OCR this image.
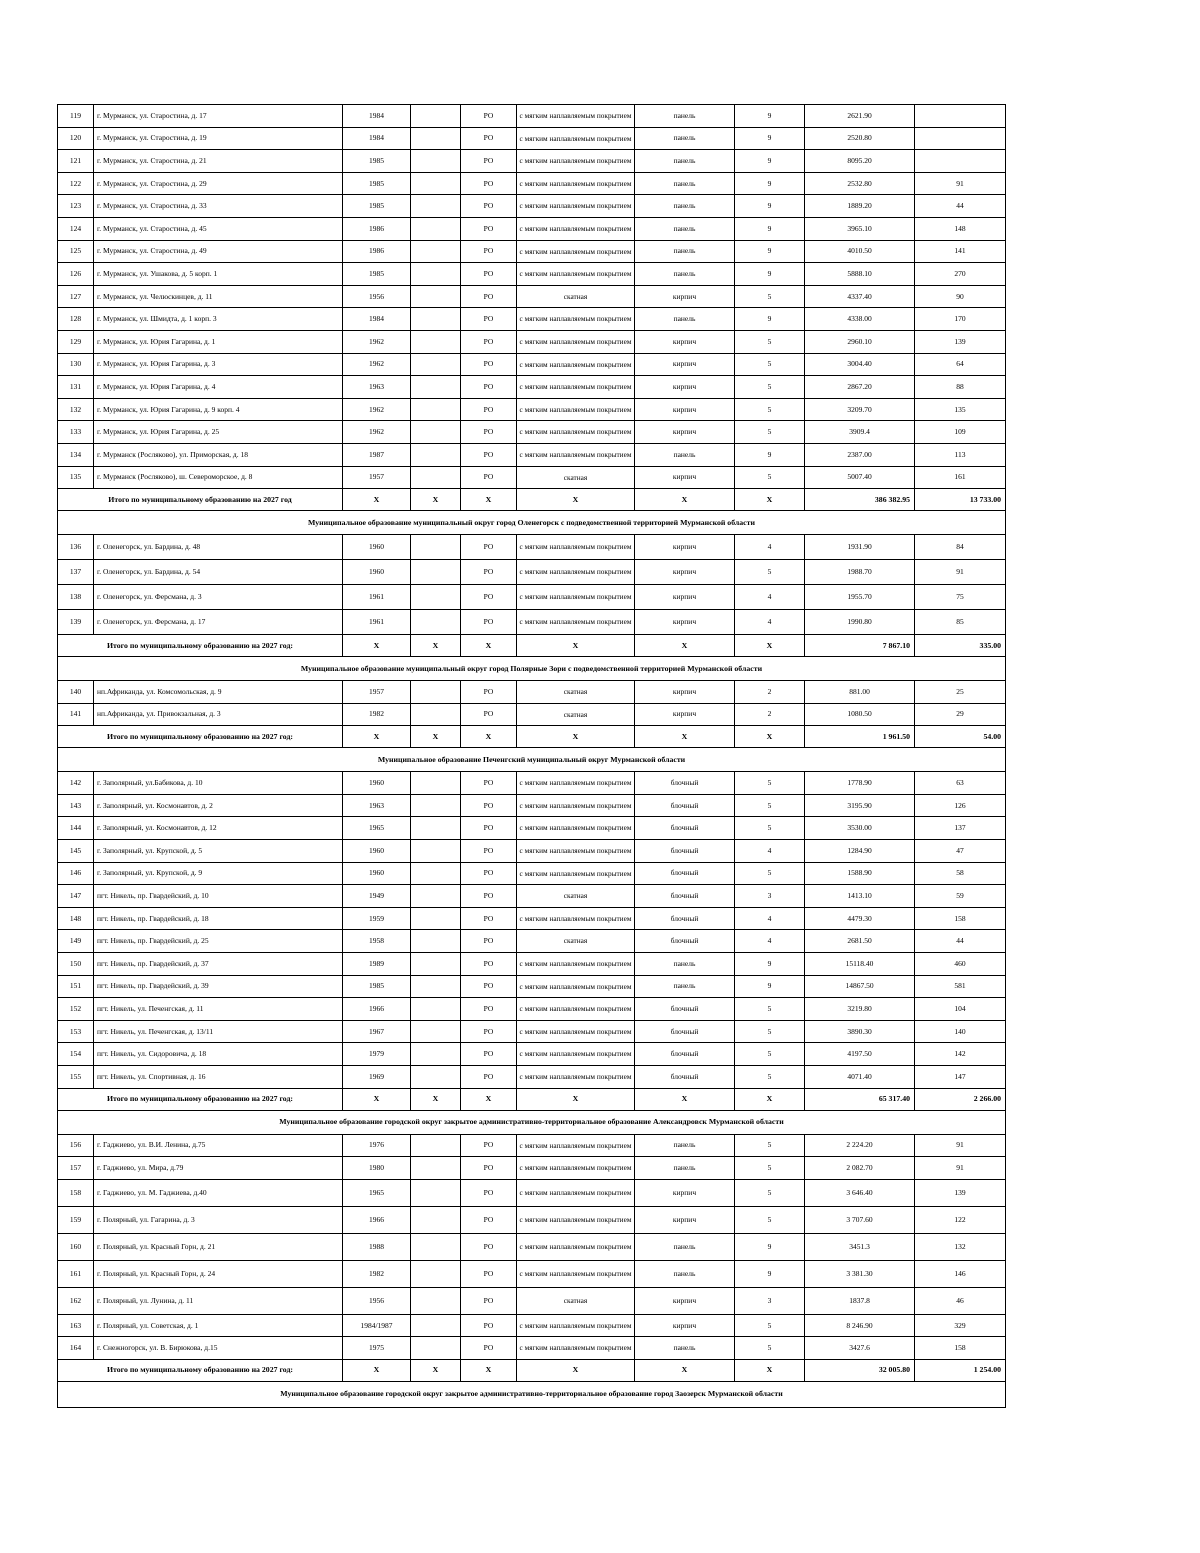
119	г. Мурманск, ул. Старостина, д. 17	1984		РО	с мягким наплавляемым покрытием	панель	9	2621.90	
120	г. Мурманск, ул. Старостина, д. 19	1984		РО	с мягким наплавляемым покрытием	панель	9	2520.80	
121	г. Мурманск, ул. Старостина, д. 21	1985		РО	с мягким наплавляемым покрытием	панель	9	8095.20	
122	г. Мурманск, ул. Старостина, д. 29	1985		РО	с мягким наплавляемым покрытием	панель	9	2532.80	91
123	г. Мурманск, ул. Старостина, д. 33	1985		РО	с мягким наплавляемым покрытием	панель	9	1889.20	44
124	г. Мурманск, ул. Старостина, д. 45	1986		РО	с мягким наплавляемым покрытием	панель	9	3965.10	148
125	г. Мурманск, ул. Старостина, д. 49	1986		РО	с мягким наплавляемым покрытием	панель	9	4010.50	141
126	г. Мурманск, ул. Ушакова, д. 5 корп. 1	1985		РО	с мягким наплавляемым покрытием	панель	9	5888.10	270
127	г. Мурманск, ул. Челюскинцев, д. 11	1956		РО	скатная	кирпич	5	4337.40	90
128	г. Мурманск, ул. Шмидта, д. 1 корп. 3	1984		РО	с мягким наплавляемым покрытием	панель	9	4338.00	170
129	г. Мурманск, ул. Юрия Гагарина, д. 1	1962		РО	с мягким наплавляемым покрытием	кирпич	5	2960.10	139
130	г. Мурманск, ул. Юрия Гагарина, д. 3	1962		РО	с мягким наплавляемым покрытием	кирпич	5	3004.40	64
131	г. Мурманск, ул. Юрия Гагарина, д. 4	1963		РО	с мягким наплавляемым покрытием	кирпич	5	2867.20	88
132	г. Мурманск, ул. Юрия Гагарина, д. 9 корп. 4	1962		РО	с мягким наплавляемым покрытием	кирпич	5	3209.70	135
133	г. Мурманск, ул. Юрия Гагарина, д. 25	1962		РО	с мягким наплавляемым покрытием	кирпич	5	3909.4	109
134	г. Мурманск (Росляково), ул. Приморская, д. 18	1987		РО	с мягким наплавляемым покрытием	панель	9	2387.00	113
135	г. Мурманск (Росляково), ш. Североморское, д. 8	1957		РО	скатная	кирпич	5	5007.40	161
Итого по муниципальному образованию на 2027 год		Х	Х	Х	Х	Х	Х	386 382.95	13 733.00
Муниципальное образование муниципальный округ город Оленегорск с подведомственной территорией Мурманской области									
136	г. Оленегорск, ул. Бардина, д. 48	1960		РО	с мягким наплавляемым покрытием	кирпич	4	1931.90	84
137	г. Оленегорск, ул. Бардина, д. 54	1960		РО	с мягким наплавляемым покрытием	кирпич	5	1988.70	91
138	г. Оленегорск, ул. Ферсмана, д. 3	1961		РО	с мягким наплавляемым покрытием	кирпич	4	1955.70	75
139	г. Оленегорск, ул. Ферсмана, д. 17	1961		РО	с мягким наплавляемым покрытием	кирпич	4	1990.80	85
Итого по муниципальному образованию на 2027 год:		Х	Х	Х	Х	Х	Х	7 867.10	335.00
Муниципальное образование муниципальный округ город Полярные Зори с подведомственной территорией Мурманской области									
140	нп.Африканда, ул. Комсомольская, д. 9	1957		РО	скатная	кирпич	2	881.00	25
141	нп.Африканда, ул. Привокзальная, д. 3	1982		РО	скатная	кирпич	2	1080.50	29
Итого по муниципальному образованию на 2027 год:		Х	Х	Х	Х	Х	Х	1 961.50	54.00
Муниципальное образование Печенгский муниципальный округ Мурманской области									
142	г. Заполярный, ул.Бабикова, д. 10	1960		РО	с мягким наплавляемым покрытием	блочный	5	1778.90	63
143	г. Заполярный, ул. Космонавтов, д. 2	1963		РО	с мягким наплавляемым покрытием	блочный	5	3195.90	126
144	г. Заполярный, ул. Космонавтов, д. 12	1965		РО	с мягким наплавляемым покрытием	блочный	5	3530.00	137
145	г. Заполярный, ул. Крупской, д. 5	1960		РО	с мягким наплавляемым покрытием	блочный	4	1284.90	47
146	г. Заполярный, ул. Крупской, д. 9	1960		РО	с мягким наплавляемым покрытием	блочный	5	1588.90	58
147	пгт. Никель, пр. Гвардейский, д. 10	1949		РО	скатная	блочный	3	1413.10	59
148	пгт. Никель, пр. Гвардейский, д. 18	1959		РО	с мягким наплавляемым покрытием	блочный	4	4479.30	158
149	пгт. Никель, пр. Гвардейский, д. 25	1958		РО	скатная	блочный	4	2681.50	44
150	пгт. Никель, пр. Гвардейский, д. 37	1989		РО	с мягким наплавляемым покрытием	панель	9	15118.40	460
151	пгт. Никель, пр. Гвардейский, д. 39	1985		РО	с мягким наплавляемым покрытием	панель	9	14867.50	581
152	пгт. Никель, ул. Печенгская, д. 11	1966		РО	с мягким наплавляемым покрытием	блочный	5	3219.80	104
153	пгт. Никель, ул. Печенгская, д. 13/11	1967		РО	с мягким наплавляемым покрытием	блочный	5	3890.30	140
154	пгт. Никель, ул. Сидоровича, д. 18	1979		РО	с мягким наплавляемым покрытием	блочный	5	4197.50	142
155	пгт. Никель, ул. Спортивная, д. 16	1969		РО	с мягким наплавляемым покрытием	блочный	5	4071.40	147
Итого по муниципальному образованию на 2027 год:		Х	Х	Х	Х	Х	Х	65 317.40	2 266.00
Муниципальное образование городской округ закрытое административно-территориальное образование Александровск Мурманской области									
156	г. Гаджиево, ул. В.И. Ленина, д.75	1976		РО	с мягким наплавляемым покрытием	панель	5	2 224.20	91
157	г. Гаджиево, ул. Мира, д.79	1980		РО	с мягким наплавляемым покрытием	панель	5	2 082.70	91
158	г. Гаджиево, ул. М. Гаджиева, д.40	1965		РО	с мягким наплавляемым покрытием	кирпич	5	3 646.40	139
159	г. Полярный, ул. Гагарина, д. 3	1966		РО	с мягким наплавляемым покрытием	кирпич	5	3 707.60	122
160	г. Полярный, ул. Красный Горн, д. 21	1988		РО	с мягким наплавляемым покрытием	панель	9	3451.3	132
161	г. Полярный, ул. Красный Горн, д. 24	1982		РО	с мягким наплавляемым покрытием	панель	9	3 381.30	146
162	г. Полярный, ул. Лунина, д. 11	1956		РО	скатная	кирпич	3	1837.8	46
163	г. Полярный, ул. Советская, д. 1	1984/1987		РО	с мягким наплавляемым покрытием	кирпич	5	8 246.90	329
164	г. Снежногорск, ул. В. Бирюкова, д.15	1975		РО	с мягким наплавляемым покрытием	панель	5	3427.6	158
Итого по муниципальному образованию на 2027 год:		Х	Х	Х	Х	Х	Х	32 005.80	1 254.00
Муниципальное образование городской округ закрытое административно-территориальное образование город Заозерск Мурманской области									
